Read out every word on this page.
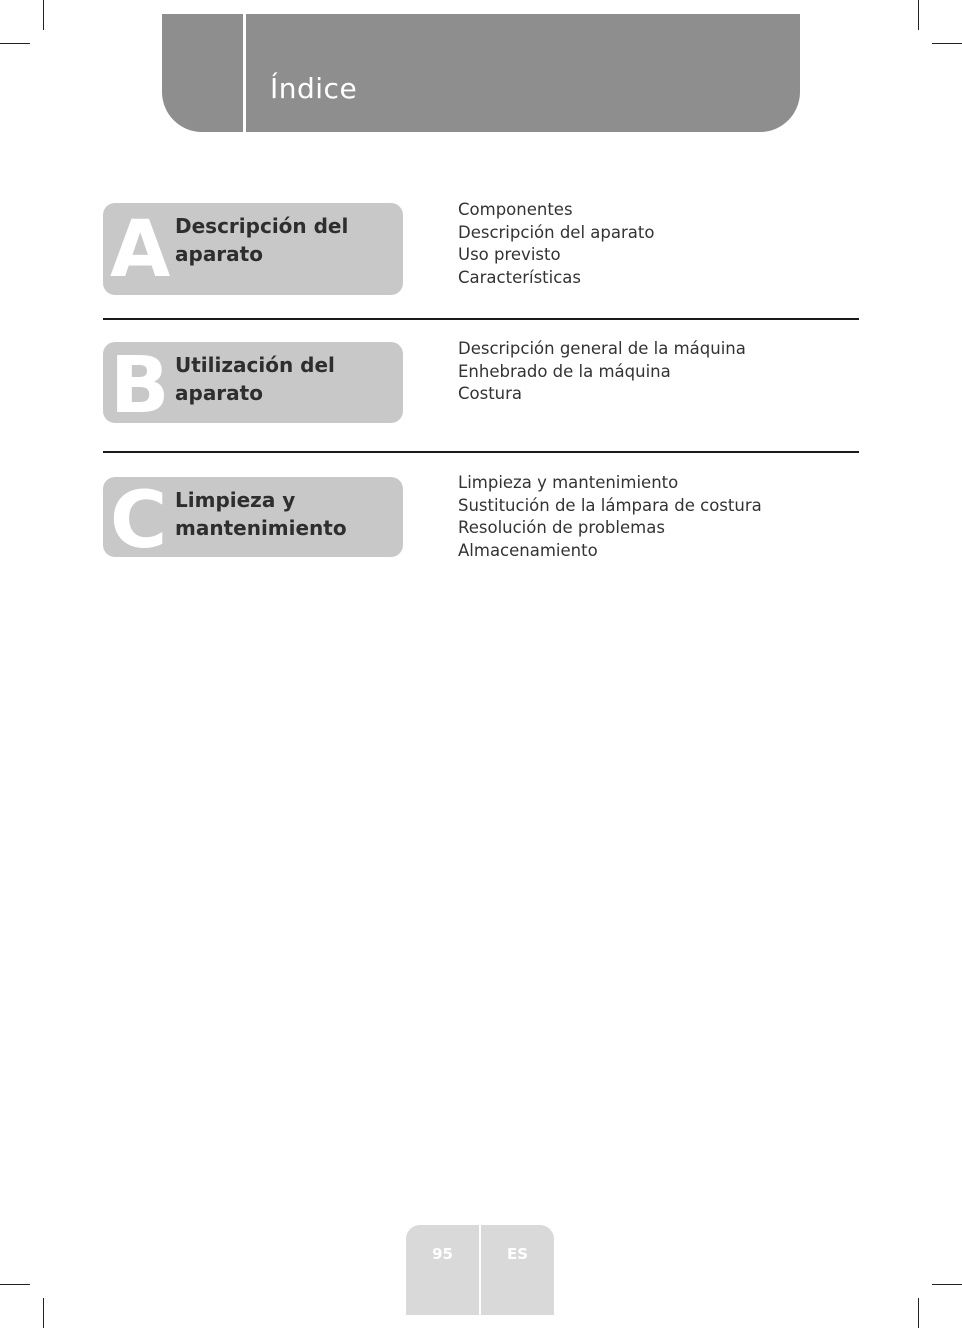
Índice
A Descripción del aparato
Componentes
Descripción del aparato
Uso previsto
Características
B Utilización del aparato
Descripción general de la máquina
Enhebrado de la máquina
Costura
C Limpieza y mantenimiento
Limpieza y mantenimiento
Sustitución de la lámpara de costura
Resolución de problemas
Almacenamiento
95	ES
